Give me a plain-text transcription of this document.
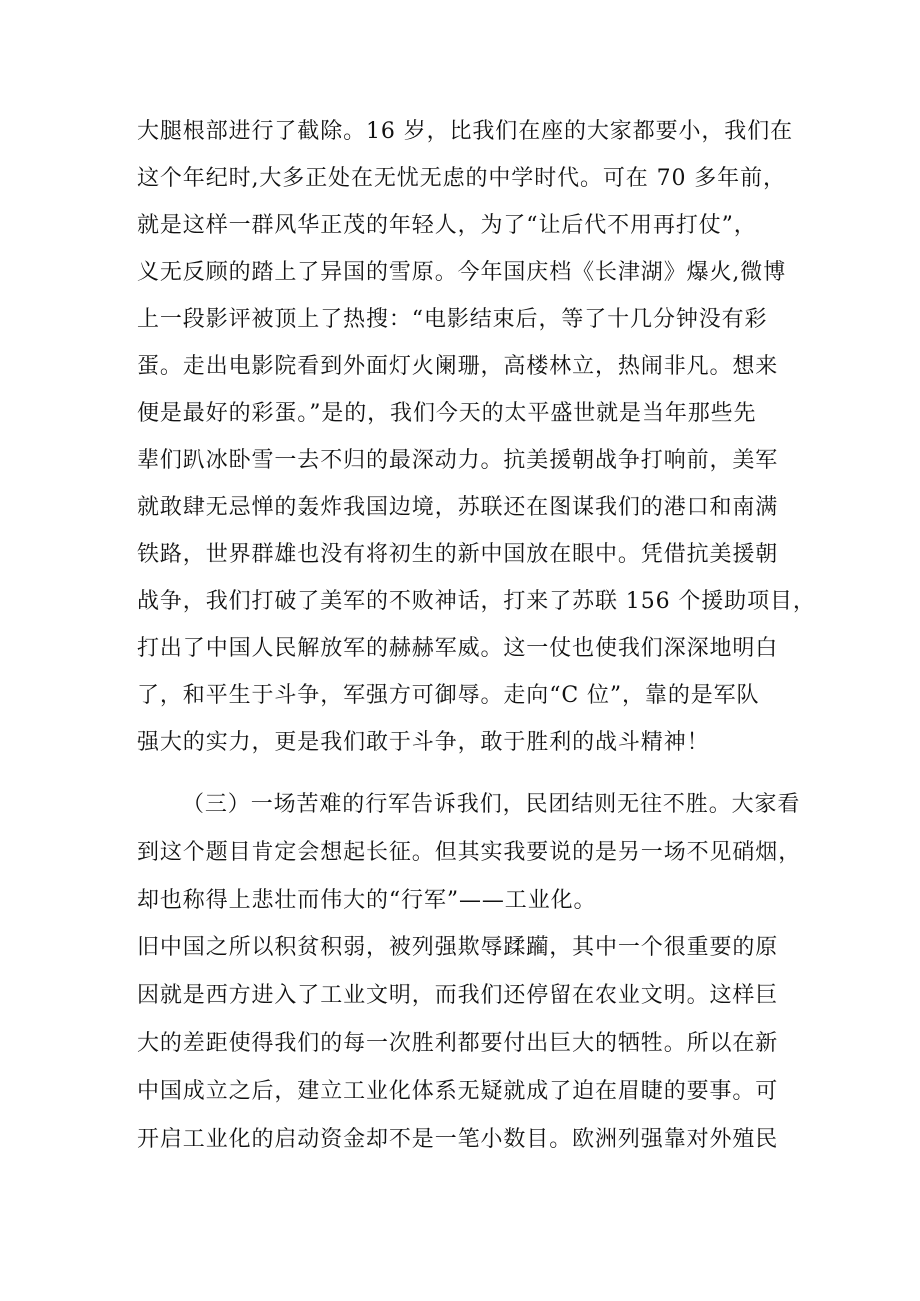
大腿根部进行了截除。16 岁，比我们在座的大家都要小，我们在
这个年纪时,大多正处在无忧无虑的中学时代。可在 70 多年前，
就是这样一群风华正茂的年轻人，为了“让后代不用再打仗”，
义无反顾的踏上了异国的雪原。今年国庆档《长津湖》爆火,微博
上一段影评被顶上了热搜：“电影结束后，等了十几分钟没有彩
蛋。走出电影院看到外面灯火阑珊，高楼林立，热闹非凡。想来
便是最好的彩蛋。”是的，我们今天的太平盛世就是当年那些先
辈们趴冰卧雪一去不归的最深动力。抗美援朝战争打响前，美军
就敢肆无忌惮的轰炸我国边境，苏联还在图谋我们的港口和南满
铁路，世界群雄也没有将初生的新中国放在眼中。凭借抗美援朝
战争，我们打破了美军的不败神话，打来了苏联 156 个援助项目，
打出了中国人民解放军的赫赫军威。这一仗也使我们深深地明白
了，和平生于斗争，军强方可御辱。走向“C 位”，靠的是军队
强大的实力，更是我们敢于斗争，敢于胜利的战斗精神！
（三）一场苦难的行军告诉我们，民团结则无往不胜。大家看
到这个题目肯定会想起长征。但其实我要说的是另一场不见硝烟，
却也称得上悲壮而伟大的“行军”——工业化。
旧中国之所以积贫积弱，被列强欺辱蹂躏，其中一个很重要的原
因就是西方进入了工业文明，而我们还停留在农业文明。这样巨
大的差距使得我们的每一次胜利都要付出巨大的牺牲。所以在新
中国成立之后，建立工业化体系无疑就成了迫在眉睫的要事。可
开启工业化的启动资金却不是一笔小数目。欧洲列强靠对外殖民
